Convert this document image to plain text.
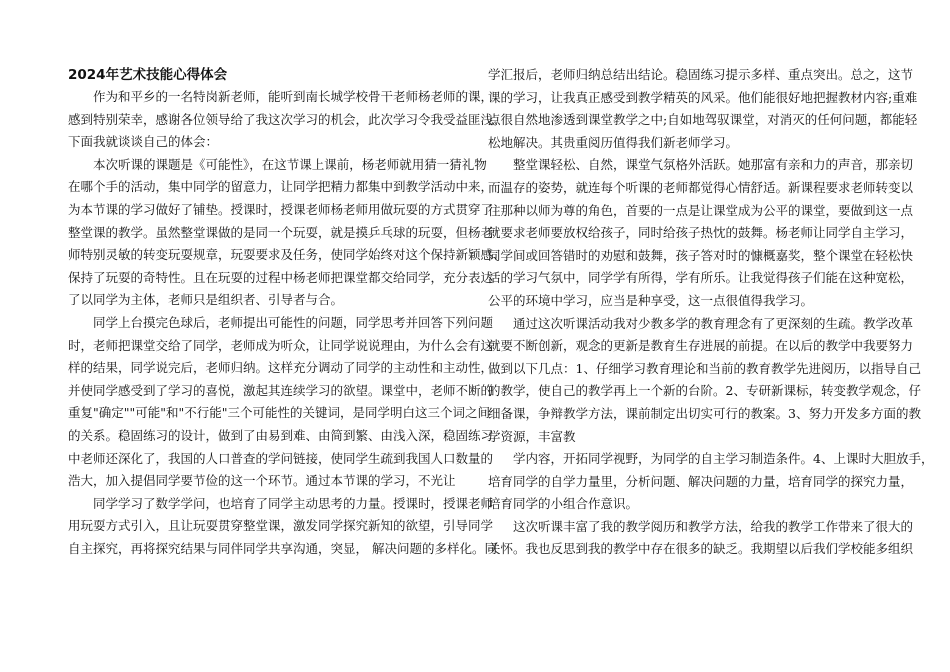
2024年艺术技能心得体会
作为和平乡的一名特岗新老师，能听到南长城学校骨干老师杨老师的课，
感到特别荣幸，感谢各位领导给了我这次学习的机会，此次学习令我受益匪浅。
下面我就谈谈自己的体会：
本次听课的课题是《可能性》，在这节课上课前，杨老师就用猜一猜礼物
在哪个手的活动，集中同学的留意力，让同学把精力都集中到教学活动中来，
为本节课的学习做好了铺垫。授课时，授课老师杨老师用做玩耍的方式贯穿了
整堂课的教学。虽然整堂课做的是同一个玩耍，就是摸乒乓球的玩耍，但杨老
师特别灵敏的转变玩耍规章，玩耍要求及任务，使同学始终对这个保持新颖感、
保持了玩耍的奇特性。且在玩耍的过程中杨老师把课堂都交给同学，充分表达
了以同学为主体，老师只是组织者、引导者与合。
同学上台摸完色球后，老师提出可能性的问题，同学思考并回答下列问题
时，老师把课堂交给了同学，老师成为听众，让同学说说理由，为什么会有这
样的结果，同学说完后，老师归纳。这样充分调动了同学的主动性和主动性，
并使同学感受到了学习的喜悦，激起其连续学习的欲望。课堂中，老师不断的
重复"确定""可能"和"不行能"三个可能性的关键词，是同学明白这三个词之间
的关系。稳固练习的设计，做到了由易到难、由简到繁、由浅入深，稳固练习
中老师还深化了，我国的人口普查的学问链接，使同学生疏到我国人口数量的
浩大，加入提倡同学要节俭的这一个环节。通过本节课的学习，不光让
同学学习了数学学问，也培育了同学主动思考的力量。授课时，授课老师
用玩耍方式引入，且让玩耍贯穿整堂课，激发同学探究新知的欲望，引导同学
自主探究，再将探究结果与同伴同学共享沟通，突显， 解决问题的多样化。同
学汇报后，老师归纳总结出结论。稳固练习提示多样、重点突出。总之，这节
课的学习，让我真正感受到教学精英的风采。他们能很好地把握教材内容;重难
点很自然地渗透到课堂教学之中;自如地驾驭课堂，对消灭的任何问题，都能轻
松地解决。其贵重阅历值得我们新老师学习。
整堂课轻松、自然，课堂气氛格外活跃。她那富有亲和力的声音，那亲切
而温存的姿势，就连每个听课的老师都觉得心情舒适。新课程要求老师转变以
往那种以师为尊的角色，首要的一点是让课堂成为公平的课堂，要做到这一点
就要求老师要放权给孩子，同时给孩子热忱的鼓舞。杨老师让同学自主学习，
同学间或回答错时的劝慰和鼓舞，孩子答对时的慷概嘉奖，整个课堂在轻松快
活的学习气氛中，同学学有所得，学有所乐。让我觉得孩子们能在这种宽松，
公平的环境中学习，应当是种享受，这一点很值得我学习。
通过这次听课活动我对少教多学的教育理念有了更深刻的生疏。教学改革
就要不断创新，观念的更新是教育生存进展的前提。在以后的教学中我要努力
做到以下几点：1、仔细学习教育理论和当前的教育教学先进阅历，以指导自己
的教学，使自己的教学再上一个新的台阶。2、专研新课标，转变教学观念，仔
细备课，争辩教学方法，课前制定出切实可行的教案。3、努力开发多方面的教
学资源，丰富教
学内容，开拓同学视野，为同学的自主学习制造条件。4、上课时大胆放手，
培育同学的自学力量里，分析问题、解决问题的力量，培育同学的探究力量，
培育同学的小组合作意识。
这次听课丰富了我的教学阅历和教学方法，给我的教学工作带来了很大的
关怀。我也反思到我的教学中存在很多的缺乏。我期望以后我们学校能多组织
